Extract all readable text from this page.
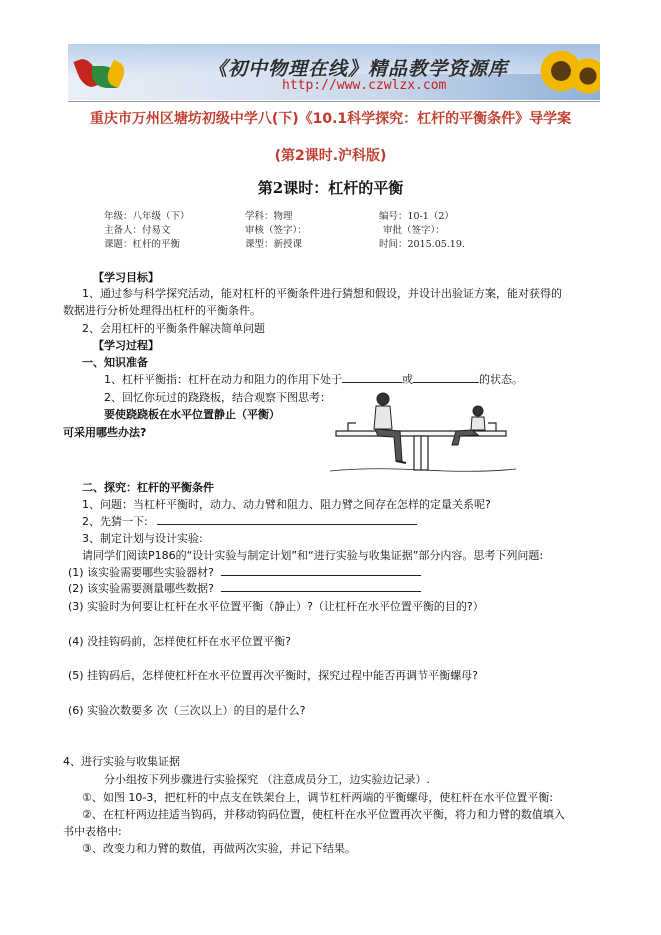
《初中物理在线》精品教学资源库
http://www.czwlzx.com
重庆市万州区塘坊初级中学八(下)《10.1科学探究：杠杆的平衡条件》导学案
(第2课时.沪科版)
第2课时：杠杆的平衡
年级：八年级（下）	学科：物理	编号：10-1（2）
主备人：付易文	审核（签字）：	审批（签字）：
课题：杠杆的平衡	课型：新授课	时间：2015.05.19.
【学习目标】
1、通过参与科学探究活动，能对杠杆的平衡条件进行猜想和假设，并设计出验证方案，能对获得的
数据进行分析处理得出杠杆的平衡条件。
2、会用杠杆的平衡条件解决简单问题
【学习过程】
一、知识准备
1、杠杆平衡指：杠杆在动力和阻力的作用下处于	或	的状态。
2、回忆你玩过的跷跷板，结合观察下图思考：
要使跷跷板在水平位置静止（平衡）
可采用哪些办法?
二、探究：杠杆的平衡条件
1、问题：当杠杆平衡时，动力、动力臂和阻力、阻力臂之间存在怎样的定量关系呢?
2、先猜一下:
3、制定计划与设计实验:
请同学们阅读P186的“设计实验与制定计划”和“进行实验与收集证据”部分内容。思考下列问题:
(1) 该实验需要哪些实验器材?
(2) 该实验需要测量哪些数据?
(3) 实验时为何要让杠杆在水平位置平衡（静止）?（让杠杆在水平位置平衡的目的?）
(4) 没挂钩码前，怎样使杠杆在水平位置平衡?
(5) 挂钩码后，怎样使杠杆在水平位置再次平衡时，探究过程中能否再调节平衡螺母?
(6) 实验次数要多 次（三次以上）的目的是什么?
4、进行实验与收集证据
分小组按下列步骤进行实验探究 （注意成员分工，边实验边记录）.
①、如图 10-3，把杠杆的中点支在铁架台上，调节杠杆两端的平衡螺母，使杠杆在水平位置平衡:
②、在杠杆两边挂适当钩码，并移动钩码位置，使杠杆在水平位置再次平衡，将力和力臂的数值填入
书中表格中:
③、改变力和力臂的数值，再做两次实验，并记下结果。
